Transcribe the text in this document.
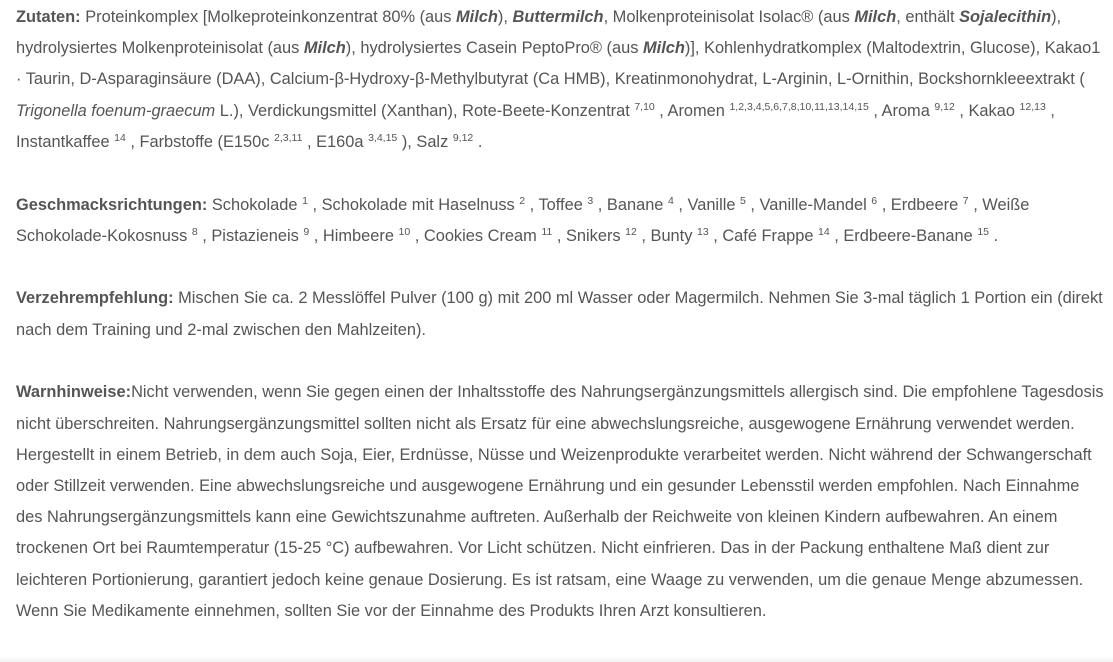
Zutaten: Proteinkomplex [Molkeproteinkonzentrat 80% (aus Milch), Buttermilch, Molkenproteinisolat Isolac® (aus Milch, enthält Sojalecithin), hydrolysiertes Molkenproteinisolat (aus Milch), hydrolysiertes Casein PeptoPro® (aus Milch)], Kohlenhydratkomplex (Maltodextrin, Glucose), Kakao1 · Taurin, D-Asparaginsäure (DAA), Calcium-β-Hydroxy-β-Methylbutyrat (Ca HMB), Kreatinmonohydrat, L-Arginin, L-Ornithin, Bockshornkleeextrakt ( Trigonella foenum-graecum L.), Verdickungsmittel (Xanthan), Rote-Beete-Konzentrat $^{7,10}$ , Aromen $^{1,2,3,4,5,6,7,8,10,11,13,14,15}$ , Aroma $^{9,12}$ , Kakao $^{12,13}$ , Instantkaffee $^{14}$ , Farbstoffe (E150c $^{2,3,11}$ , E160a $^{3,4,15}$ ), Salz $^{9,12}$ .

Geschmacksrichtungen: Schokolade $^1$ , Schokolade mit Haselnuss $^2$ , Toffee $^3$ , Banane $^4$ , Vanille $^5$ , Vanille-Mandel $^6$ , Erdbeere $^7$ , Weiße Schokolade-Kokosnuss $^8$ , Pistazieneis $^9$ , Himbeere $^{10}$ , Cookies Cream $^{11}$ , Snikers $^{12}$ , Bunty $^{13}$ , Café Frappe $^{14}$ , Erdbeere-Banane $^{15}$ .

Verzehrempfehlung: Mischen Sie ca. 2 Messlöffel Pulver (100 g) mit 200 ml Wasser oder Magermilch. Nehmen Sie 3-mal täglich 1 Portion ein (direkt nach dem Training und 2-mal zwischen den Mahlzeiten).

Warnhinweise:Nicht verwenden, wenn Sie gegen einen der Inhaltsstoffe des Nahrungsergänzungsmittels allergisch sind. Die empfohlene Tagesdosis nicht überschreiten. Nahrungsergänzungsmittel sollten nicht als Ersatz für eine abwechslungsreiche, ausgewogene Ernährung verwendet werden. Hergestellt in einem Betrieb, in dem auch Soja, Eier, Erdnüsse, Nüsse und Weizenprodukte verarbeitet werden. Nicht während der Schwangerschaft oder Stillzeit verwenden. Eine abwechslungsreiche und ausgewogene Ernährung und ein gesunder Lebensstil werden empfohlen. Nach Einnahme des Nahrungsergänzungsmittels kann eine Gewichtszunahme auftreten. Außerhalb der Reichweite von kleinen Kindern aufbewahren. An einem trockenen Ort bei Raumtemperatur (15-25 °C) aufbewahren. Vor Licht schützen. Nicht einfrieren. Das in der Packung enthaltene Maß dient zur leichteren Portionierung, garantiert jedoch keine genaue Dosierung. Es ist ratsam, eine Waage zu verwenden, um die genaue Menge abzumessen. Wenn Sie Medikamente einnehmen, sollten Sie vor der Einnahme des Produkts Ihren Arzt konsultieren.
